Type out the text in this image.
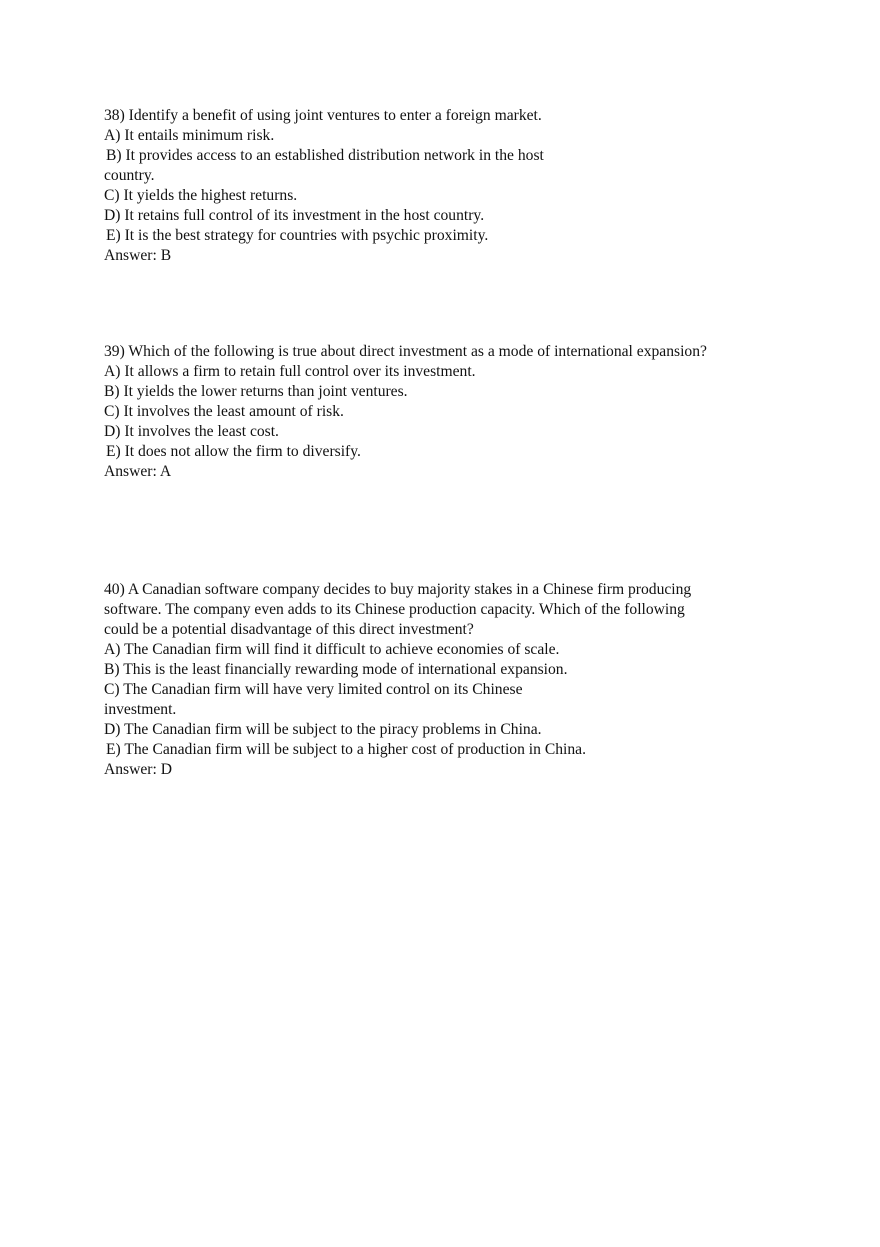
38) Identify a benefit of using joint ventures to enter a foreign market.
A) It entails minimum risk.
B) It provides access to an established distribution network in the host
country.
C) It yields the highest returns.
D) It retains full control of its investment in the host country.
E) It is the best strategy for countries with psychic proximity.
Answer: B
39) Which of the following is true about direct investment as a mode of international expansion?
A) It allows a firm to retain full control over its investment.
B) It yields the lower returns than joint ventures.
C) It involves the least amount of risk.
D) It involves the least cost.
E) It does not allow the firm to diversify.
Answer: A
40) A Canadian software company decides to buy majority stakes in a Chinese firm producing
software. The company even adds to its Chinese production capacity. Which of the following
could be a potential disadvantage of this direct investment?
A) The Canadian firm will find it difficult to achieve economies of scale.
B) This is the least financially rewarding mode of international expansion.
C) The Canadian firm will have very limited control on its Chinese
investment.
D) The Canadian firm will be subject to the piracy problems in China.
E) The Canadian firm will be subject to a higher cost of production in China.
Answer: D
